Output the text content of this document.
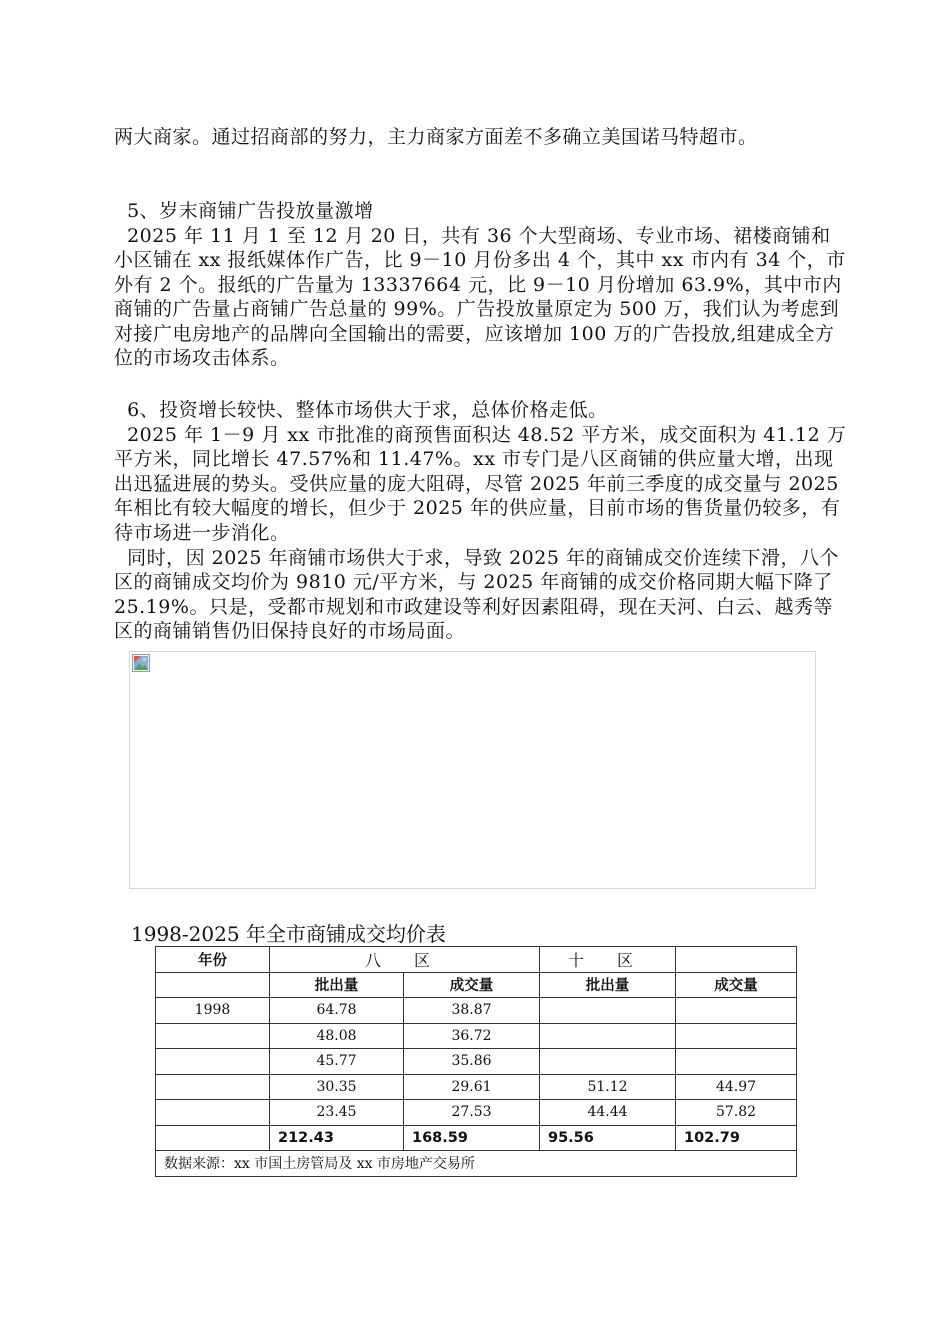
两大商家。通过招商部的努力，主力商家方面差不多确立美国诺马特超市。

5、岁末商铺广告投放量激增

2025 年 11 月 1 至 12 月 20 日，共有 36 个大型商场、专业市场、裙楼商铺和小区铺在 xx 报纸媒体作广告，比 9－10 月份多出 4 个，其中 xx 市内有 34 个，市外有 2 个。报纸的广告量为 13337664 元，比 9－10 月份增加 63.9%，其中市内商铺的广告量占商铺广告总量的 99%。广告投放量原定为 500 万，我们认为考虑到对接广电房地产的品牌向全国输出的需要，应该增加 100 万的广告投放,组建成全方位的市场攻击体系。

6、投资增长较快、整体市场供大于求，总体价格走低。

2025 年 1－9 月 xx 市批准的商预售面积达 48.52 平方米，成交面积为 41.12 万平方米，同比增长 47.57%和 11.47%。xx 市专门是八区商铺的供应量大增，出现出迅猛进展的势头。受供应量的庞大阻碍，尽管 2025 年前三季度的成交量与 2025 年相比有较大幅度的增长，但少于 2025 年的供应量，目前市场的售货量仍较多，有待市场进一步消化。

同时，因 2025 年商铺市场供大于求，导致 2025 年的商铺成交价连续下滑，八个区的商铺成交均价为 9810 元/平方米，与 2025 年商铺的成交价格同期大幅下降了 25.19%。只是，受都市规划和市政建设等利好因素阻碍，现在天河、白云、越秀等区的商铺销售仍旧保持良好的市场局面。

1998-2025 年全市商铺成交均价表

年份	八 区		十 区	
	批出量	成交量	批出量	成交量
1998	64.78	38.87		
	48.08	36.72		
	45.77	35.86		
	30.35	29.61	51.12	44.97
	23.45	27.53	44.44	57.82
	212.43	168.59	95.56	102.79
数据来源：xx 市国土房管局及 xx 市房地产交易所				
